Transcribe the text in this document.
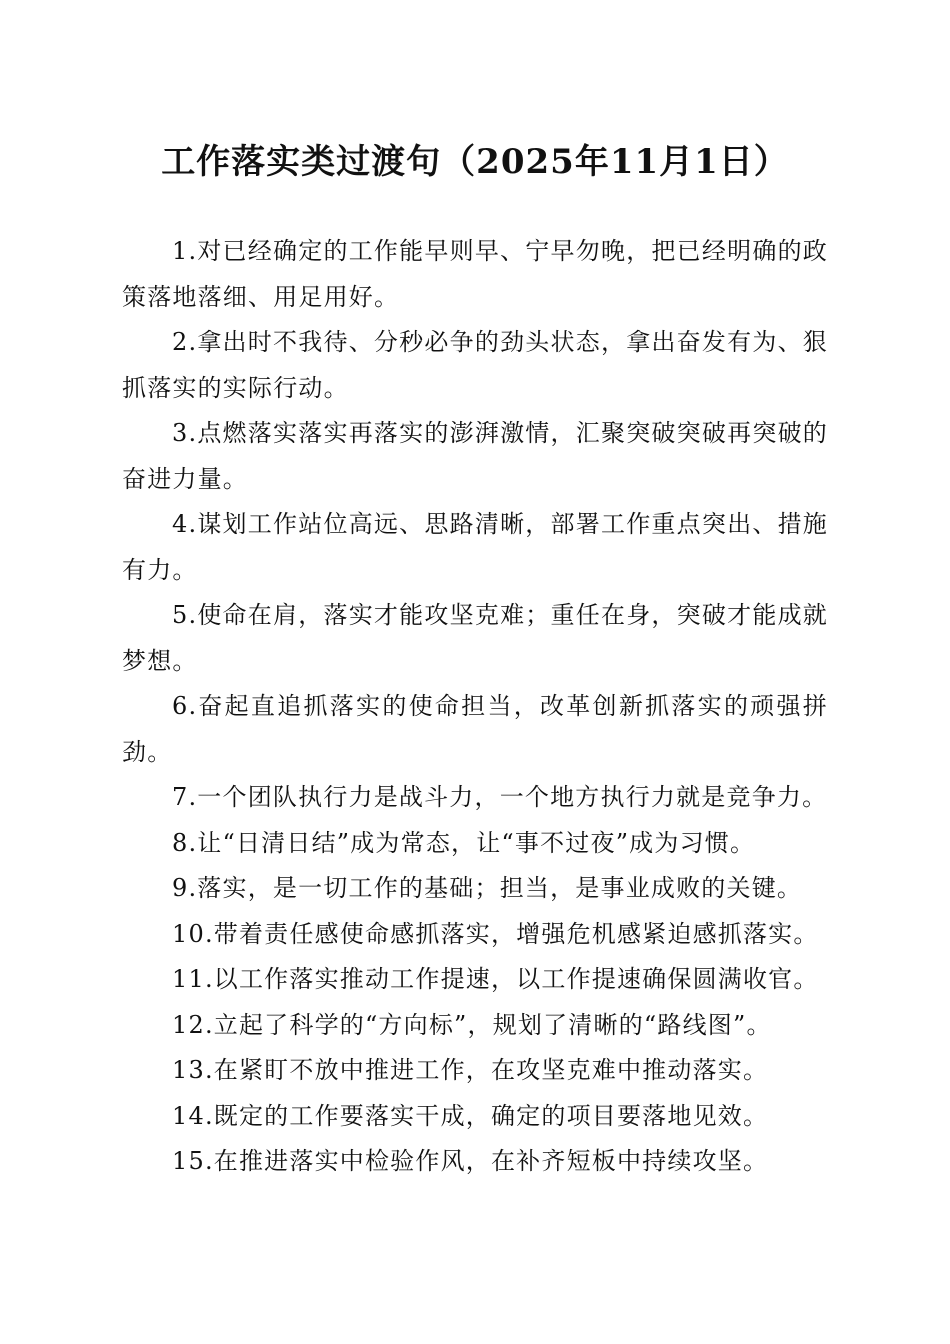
工作落实类过渡句（2025年11月1日）

1.对已经确定的工作能早则早、宁早勿晚，把已经明确的政策落地落细、用足用好。

2.拿出时不我待、分秒必争的劲头状态，拿出奋发有为、狠抓落实的实际行动。

3.点燃落实落实再落实的澎湃激情，汇聚突破突破再突破的奋进力量。

4.谋划工作站位高远、思路清晰，部署工作重点突出、措施有力。

5.使命在肩，落实才能攻坚克难；重任在身，突破才能成就梦想。

6.奋起直追抓落实的使命担当，改革创新抓落实的顽强拼劲。

7.一个团队执行力是战斗力，一个地方执行力就是竞争力。

8.让“日清日结”成为常态，让“事不过夜”成为习惯。

9.落实，是一切工作的基础；担当，是事业成败的关键。

10.带着责任感使命感抓落实，增强危机感紧迫感抓落实。

11.以工作落实推动工作提速，以工作提速确保圆满收官。

12.立起了科学的“方向标”，规划了清晰的“路线图”。

13.在紧盯不放中推进工作，在攻坚克难中推动落实。

14.既定的工作要落实干成，确定的项目要落地见效。

15.在推进落实中检验作风，在补齐短板中持续攻坚。
